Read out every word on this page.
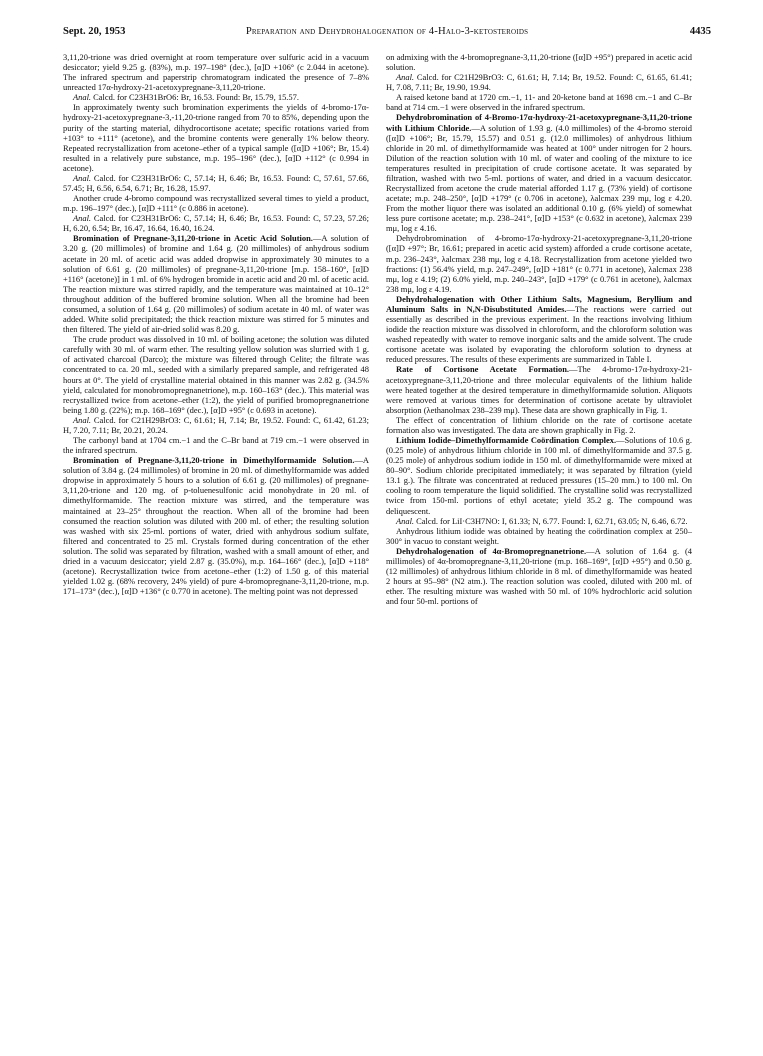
Sept. 20, 1953	Preparation and Dehydrohalogenation of 4-Halo-3-ketosteroids	4435

3,11,20-trione was dried overnight at room temperature over sulfuric acid in a vacuum desiccator; yield 9.25 g. (83%), m.p. 197–198° (dec.), [α]D +106° (c 2.044 in acetone). The infrared spectrum and paperstrip chromatogram indicated the presence of 7–8% unreacted 17α-hydroxy-21-acetoxypregnane-3,11,20-trione.

Anal. Calcd. for C23H31BrO6: Br, 16.53. Found: Br, 15.79, 15.57.

In approximately twenty such bromination experiments the yields of 4-bromo-17α-hydroxy-21-acetoxypregnane-3,-11,20-trione ranged from 70 to 85%, depending upon the purity of the starting material, dihydrocortisone acetate; specific rotations varied from +103° to +111° (acetone), and the bromine contents were generally 1% below theory. Repeated recrystallization from acetone–ether of a typical sample ([α]D +106°; Br, 15.4) resulted in a relatively pure substance, m.p. 195–196° (dec.), [α]D +112° (c 0.994 in acetone).

Anal. Calcd. for C23H31BrO6: C, 57.14; H, 6.46; Br, 16.53. Found: C, 57.61, 57.66, 57.45; H, 6.56, 6.54, 6.71; Br, 16.28, 15.97.

Another crude 4-bromo compound was recrystallized several times to yield a product, m.p. 196–197° (dec.), [α]D +111° (c 0.886 in acetone).

Anal. Calcd. for C23H31BrO6: C, 57.14; H, 6.46; Br, 16.53. Found: C, 57.23, 57.26; H, 6.20, 6.54; Br, 16.47, 16.64, 16.40, 16.24.

Bromination of Pregnane-3,11,20-trione in Acetic Acid Solution.—A solution of 3.20 g. (20 millimoles) of bromine and 1.64 g. (20 millimoles) of anhydrous sodium acetate in 20 ml. of acetic acid was added dropwise in approximately 30 minutes to a solution of 6.61 g. (20 millimoles) of pregnane-3,11,20-trione [m.p. 158–160°, [α]D +116° (acetone)] in 1 ml. of 6% hydrogen bromide in acetic acid and 20 ml. of acetic acid. The reaction mixture was stirred rapidly, and the temperature was maintained at 10–12° throughout addition of the buffered bromine solution. When all the bromine had been consumed, a solution of 1.64 g. (20 millimoles) of sodium acetate in 40 ml. of water was added. White solid precipitated; the thick reaction mixture was stirred for 5 minutes and then filtered. The yield of air-dried solid was 8.20 g.

The crude product was dissolved in 10 ml. of boiling acetone; the solution was diluted carefully with 30 ml. of warm ether. The resulting yellow solution was slurried with 1 g. of activated charcoal (Darco); the mixture was filtered through Celite; the filtrate was concentrated to ca. 20 ml., seeded with a similarly prepared sample, and refrigerated 48 hours at 0°. The yield of crystalline material obtained in this manner was 2.82 g. (34.5% yield, calculated for monobromopregnanetrione), m.p. 160–163° (dec.). This material was recrystallized twice from acetone–ether (1:2), the yield of purified bromopregnanetrione being 1.80 g. (22%); m.p. 168–169° (dec.), [α]D +95° (c 0.693 in acetone).

Anal. Calcd. for C21H29BrO3: C, 61.61; H, 7.14; Br, 19.52. Found: C, 61.42, 61.23; H, 7.20, 7.11; Br, 20.21, 20.24.

The carbonyl band at 1704 cm.−1 and the C–Br band at 719 cm.−1 were observed in the infrared spectrum.

Bromination of Pregnane-3,11,20-trione in Dimethylformamide Solution.—A solution of 3.84 g. (24 millimoles) of bromine in 20 ml. of dimethylformamide was added dropwise in approximately 5 hours to a solution of 6.61 g. (20 millimoles) of pregnane-3,11,20-trione and 120 mg. of p-toluenesulfonic acid monohydrate in 20 ml. of dimethylformamide. The reaction mixture was stirred, and the temperature was maintained at 23–25° throughout the reaction. When all of the bromine had been consumed the reaction solution was diluted with 200 ml. of ether; the resulting solution was washed with six 25-ml. portions of water, dried with anhydrous sodium sulfate, filtered and concentrated to 25 ml. Crystals formed during concentration of the ether solution. The solid was separated by filtration, washed with a small amount of ether, and dried in a vacuum desiccator; yield 2.87 g. (35.0%), m.p. 164–166° (dec.), [α]D +118° (acetone). Recrystallization twice from acetone–ether (1:2) of 1.50 g. of this material yielded 1.02 g. (68% recovery, 24% yield) of pure 4-bromopregnane-3,11,20-trione, m.p. 171–173° (dec.), [α]D +136° (c 0.770 in acetone). The melting point was not depressed

on admixing with the 4-bromopregnane-3,11,20-trione ([α]D +95°) prepared in acetic acid solution.

Anal. Calcd. for C21H29BrO3: C, 61.61; H, 7.14; Br, 19.52. Found: C, 61.65, 61.41; H, 7.08, 7.11; Br, 19.90, 19.94.

A raised ketone band at 1720 cm.−1, 11- and 20-ketone band at 1698 cm.−1 and C–Br band at 714 cm.−1 were observed in the infrared spectrum.

Dehydrobromination of 4-Bromo-17α-hydroxy-21-acetoxypregnane-3,11,20-trione with Lithium Chloride.—A solution of 1.93 g. (4.0 millimoles) of the 4-bromo steroid ([α]D +106°; Br, 15.79, 15.57) and 0.51 g. (12.0 millimoles) of anhydrous lithium chloride in 20 ml. of dimethylformamide was heated at 100° under nitrogen for 2 hours. Dilution of the reaction solution with 10 ml. of water and cooling of the mixture to ice temperatures resulted in precipitation of crude cortisone acetate. It was separated by filtration, washed with two 5-ml. portions of water, and dried in a vacuum desiccator. Recrystallized from acetone the crude material afforded 1.17 g. (73% yield) of cortisone acetate; m.p. 248–250°, [α]D +179° (c 0.706 in acetone), λalcmax 239 mμ, log ε 4.20. From the mother liquor there was isolated an additional 0.10 g. (6% yield) of somewhat less pure cortisone acetate; m.p. 238–241°, [α]D +153° (c 0.632 in acetone), λalcmax 239 mμ, log ε 4.16.

Dehydrobromination of 4-bromo-17α-hydroxy-21-acetoxypregnane-3,11,20-trione ([α]D +97°; Br, 16.61; prepared in acetic acid system) afforded a crude cortisone acetate, m.p. 236–243°, λalcmax 238 mμ, log ε 4.18. Recrystallization from acetone yielded two fractions: (1) 56.4% yield, m.p. 247–249°, [α]D +181° (c 0.771 in acetone), λalcmax 238 mμ, log ε 4.19; (2) 6.0% yield, m.p. 240–243°, [α]D +179° (c 0.761 in acetone), λalcmax 238 mμ, log ε 4.19.

Dehydrohalogenation with Other Lithium Salts, Magnesium, Beryllium and Aluminum Salts in N,N-Disubstituted Amides.—The reactions were carried out essentially as described in the previous experiment. In the reactions involving lithium iodide the reaction mixture was dissolved in chloroform, and the chloroform solution was washed repeatedly with water to remove inorganic salts and the amide solvent. The crude cortisone acetate was isolated by evaporating the chloroform solution to dryness at reduced pressures. The results of these experiments are summarized in Table I.

Rate of Cortisone Acetate Formation.—The 4-bromo-17α-hydroxy-21-acetoxypregnane-3,11,20-trione and three molecular equivalents of the lithium halide were heated together at the desired temperature in dimethylformamide solution. Aliquots were removed at various times for determination of cortisone acetate by ultraviolet absorption (λethanolmax 238–239 mμ). These data are shown graphically in Fig. 1.

The effect of concentration of lithium chloride on the rate of cortisone acetate formation also was investigated. The data are shown graphically in Fig. 2.

Lithium Iodide–Dimethylformamide Coördination Complex.—Solutions of 10.6 g. (0.25 mole) of anhydrous lithium chloride in 100 ml. of dimethylformamide and 37.5 g. (0.25 mole) of anhydrous sodium iodide in 150 ml. of dimethylformamide were mixed at 80–90°. Sodium chloride precipitated immediately; it was separated by filtration (yield 13.1 g.). The filtrate was concentrated at reduced pressures (15–20 mm.) to 100 ml. On cooling to room temperature the liquid solidified. The crystalline solid was recrystallized twice from 150-ml. portions of ethyl acetate; yield 35.2 g. The compound was deliquescent.

Anal. Calcd. for LiI·C3H7NO: I, 61.33; N, 6.77. Found: I, 62.71, 63.05; N, 6.46, 6.72.

Anhydrous lithium iodide was obtained by heating the coördination complex at 250–300° in vacuo to constant weight.

Dehydrohalogenation of 4α-Bromopregnanetrione.—A solution of 1.64 g. (4 millimoles) of 4α-bromopregnane-3,11,20-trione (m.p. 168–169°, [α]D +95°) and 0.50 g. (12 millimoles) of anhydrous lithium chloride in 8 ml. of dimethylformamide was heated 2 hours at 95–98° (N2 atm.). The reaction solution was cooled, diluted with 200 ml. of ether. The resulting mixture was washed with 50 ml. of 10% hydrochloric acid solution and four 50-ml. portions of
